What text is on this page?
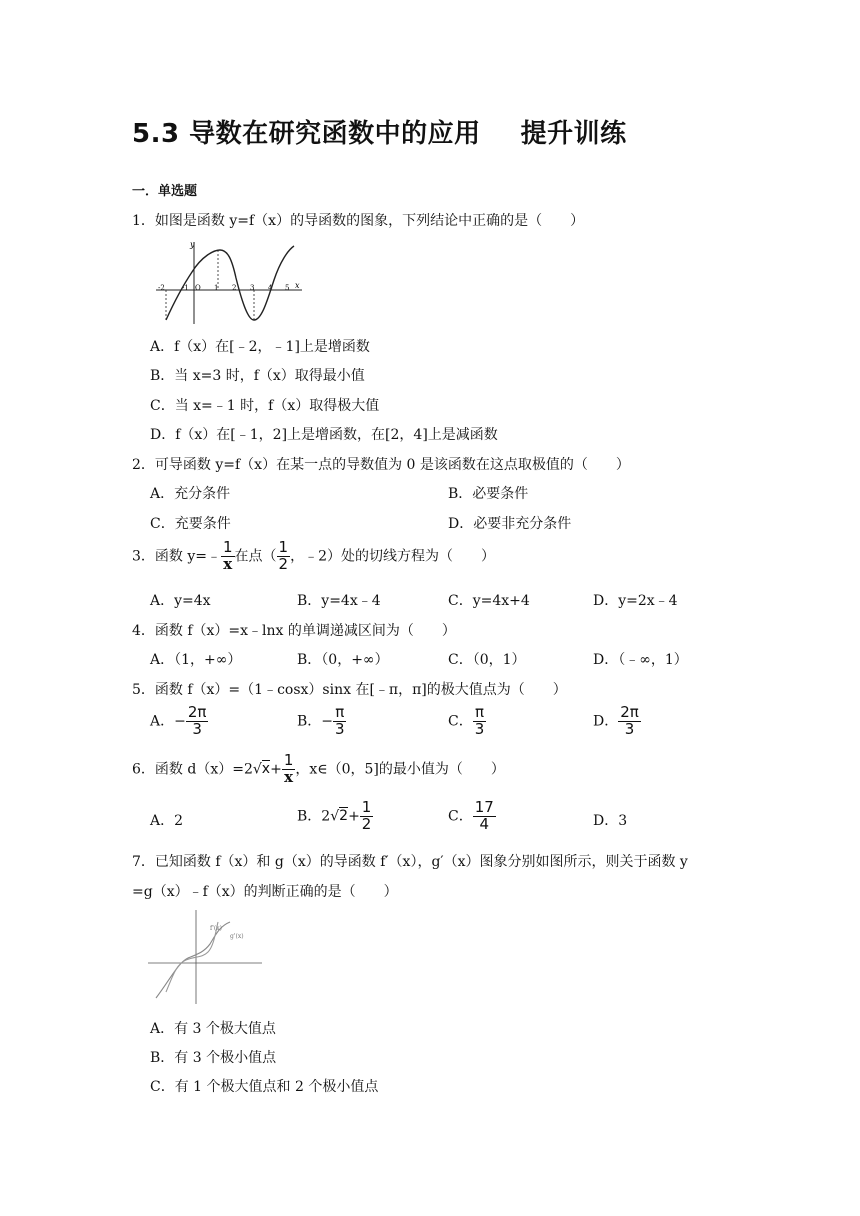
5.3 导数在研究函数中的应用 提升训练
一．单选题
1．如图是函数 y=f（x）的导函数的图象，下列结论中正确的是（　　）
y
x
-2 -1 O 1 2 3 4 5
A．f（x）在[﹣2，﹣1]上是增函数
B．当 x=3 时，f（x）取得最小值
C．当 x=﹣1 时，f（x）取得极大值
D．f（x）在[﹣1，2]上是增函数，在[2，4]上是减函数
2．可导函数 y=f（x）在某一点的导数值为 0 是该函数在这点取极值的（　　）
A．充分条件	B．必要条件
C．充要条件	D．必要非充分条件
3．函数 y=﹣ $\frac{1}{x}$ 在点（ $\frac{1}{2}$ ，﹣2）处的切线方程为（　　）
A．y=4x	B．y=4x﹣4	C．y=4x+4	D．y=2x﹣4
4．函数 f（x）=x﹣lnx 的单调递减区间为（　　）
A．（1，+∞）	B．（0，+∞）	C．（0，1）	D．（﹣∞，1）
5．函数 f（x）=（1﹣cosx）sinx 在[﹣π，π]的极大值点为（　　）
A．− $\frac{2\pi}{3}$	B．− $\frac{\pi}{3}$	C． $\frac{\pi}{3}$	D． $\frac{2\pi}{3}$
6．函数 $d(x)=2√x+ \frac{1}{x}$ ，x∈（0，5]的最小值为（　　）
A．2	B．$2√2+ \frac{1}{2}$	C． $\frac{17}{4}$	D．3
7．已知函数 f（x）和 g（x）的导函数 f′（x），g′（x）图象分别如图所示，则关于函数 y
=g（x）﹣f（x）的判断正确的是（　　）
f'(x)
g'(x)
A．有 3 个极大值点
B．有 3 个极小值点
C．有 1 个极大值点和 2 个极小值点
